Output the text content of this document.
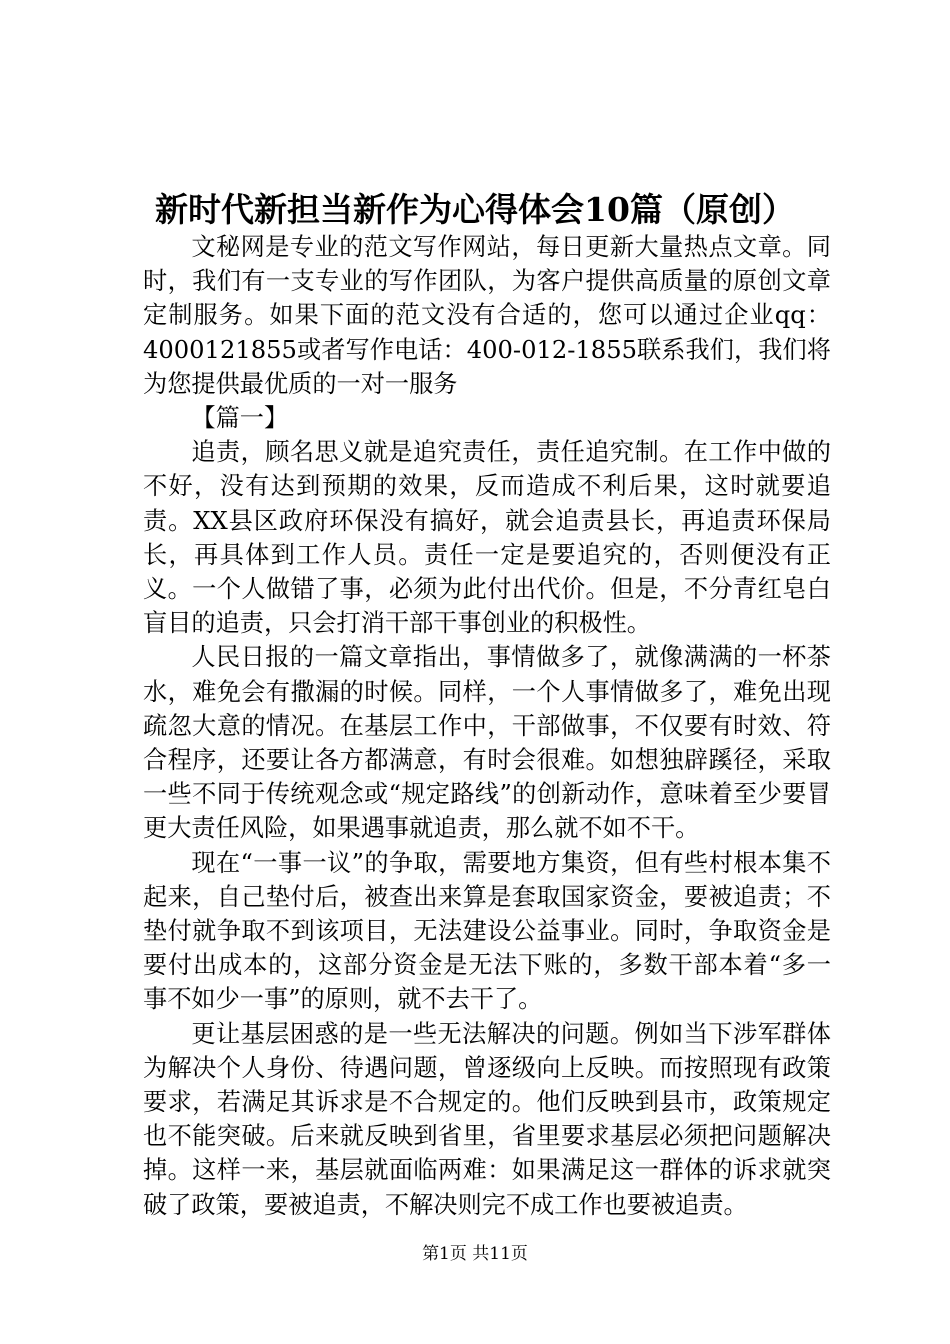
新时代新担当新作为心得体会10篇（原创）

文秘网是专业的范文写作网站，每日更新大量热点文章。同时，我们有一支专业的写作团队，为客户提供高质量的原创文章定制服务。如果下面的范文没有合适的，您可以通过企业qq：4000121855或者写作电话：400-012-1855联系我们，我们将为您提供最优质的一对一服务

【篇一】

追责，顾名思义就是追究责任，责任追究制。在工作中做的不好，没有达到预期的效果，反而造成不利后果，这时就要追责。XX县区政府环保没有搞好，就会追责县长，再追责环保局长，再具体到工作人员。责任一定是要追究的，否则便没有正义。一个人做错了事，必须为此付出代价。但是，不分青红皂白盲目的追责，只会打消干部干事创业的积极性。

人民日报的一篇文章指出，事情做多了，就像满满的一杯茶水，难免会有撒漏的时候。同样，一个人事情做多了，难免出现疏忽大意的情况。在基层工作中，干部做事，不仅要有时效、符合程序，还要让各方都满意，有时会很难。如想独辟蹊径，采取一些不同于传统观念或“规定路线”的创新动作，意味着至少要冒更大责任风险，如果遇事就追责，那么就不如不干。

现在“一事一议”的争取，需要地方集资，但有些村根本集不起来，自己垫付后，被查出来算是套取国家资金，要被追责；不垫付就争取不到该项目，无法建设公益事业。同时，争取资金是要付出成本的，这部分资金是无法下账的，多数干部本着“多一事不如少一事”的原则，就不去干了。

更让基层困惑的是一些无法解决的问题。例如当下涉军群体为解决个人身份、待遇问题，曾逐级向上反映。而按照现有政策要求，若满足其诉求是不合规定的。他们反映到县市，政策规定也不能突破。后来就反映到省里，省里要求基层必须把问题解决掉。这样一来，基层就面临两难：如果满足这一群体的诉求就突破了政策，要被追责，不解决则完不成工作也要被追责。

第1页 共11页
